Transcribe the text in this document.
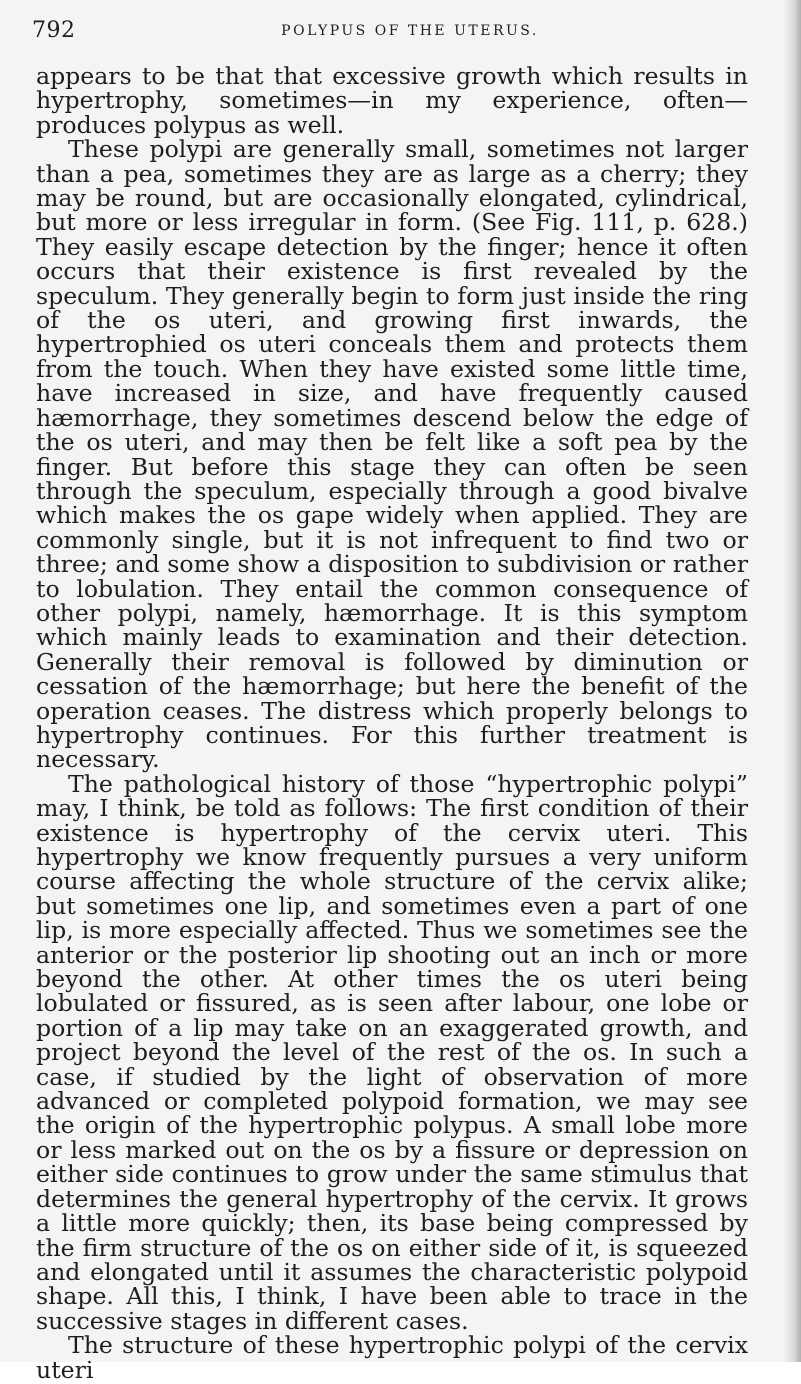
792	POLYPUS OF THE UTERUS.

appears to be that that excessive growth which results in hypertrophy, sometimes—in my experience, often—produces polypus as well.

These polypi are generally small, sometimes not larger than a pea, sometimes they are as large as a cherry; they may be round, but are occasionally elongated, cylindrical, but more or less irregular in form. (See Fig. 111, p. 628.) They easily escape detection by the finger; hence it often occurs that their existence is first revealed by the speculum. They generally begin to form just inside the ring of the os uteri, and growing first inwards, the hypertrophied os uteri conceals them and protects them from the touch. When they have existed some little time, have increased in size, and have frequently caused hæmorrhage, they sometimes descend below the edge of the os uteri, and may then be felt like a soft pea by the finger. But before this stage they can often be seen through the speculum, especially through a good bivalve which makes the os gape widely when applied. They are commonly single, but it is not infrequent to find two or three; and some show a disposition to subdivision or rather to lobulation. They entail the common consequence of other polypi, namely, hæmorrhage. It is this symptom which mainly leads to examination and their detection. Generally their removal is followed by diminution or cessation of the hæmorrhage; but here the benefit of the operation ceases. The distress which properly belongs to hypertrophy continues. For this further treatment is necessary.

The pathological history of those “hypertrophic polypi” may, I think, be told as follows: The first condition of their existence is hypertrophy of the cervix uteri. This hypertrophy we know frequently pursues a very uniform course affecting the whole structure of the cervix alike; but sometimes one lip, and sometimes even a part of one lip, is more especially affected. Thus we sometimes see the anterior or the posterior lip shooting out an inch or more beyond the other. At other times the os uteri being lobulated or fissured, as is seen after labour, one lobe or portion of a lip may take on an exaggerated growth, and project beyond the level of the rest of the os. In such a case, if studied by the light of observation of more advanced or completed polypoid formation, we may see the origin of the hypertrophic polypus. A small lobe more or less marked out on the os by a fissure or depression on either side continues to grow under the same stimulus that determines the general hypertrophy of the cervix. It grows a little more quickly; then, its base being compressed by the firm structure of the os on either side of it, is squeezed and elongated until it assumes the characteristic polypoid shape. All this, I think, I have been able to trace in the successive stages in different cases.

The structure of these hypertrophic polypi of the cervix uteri
